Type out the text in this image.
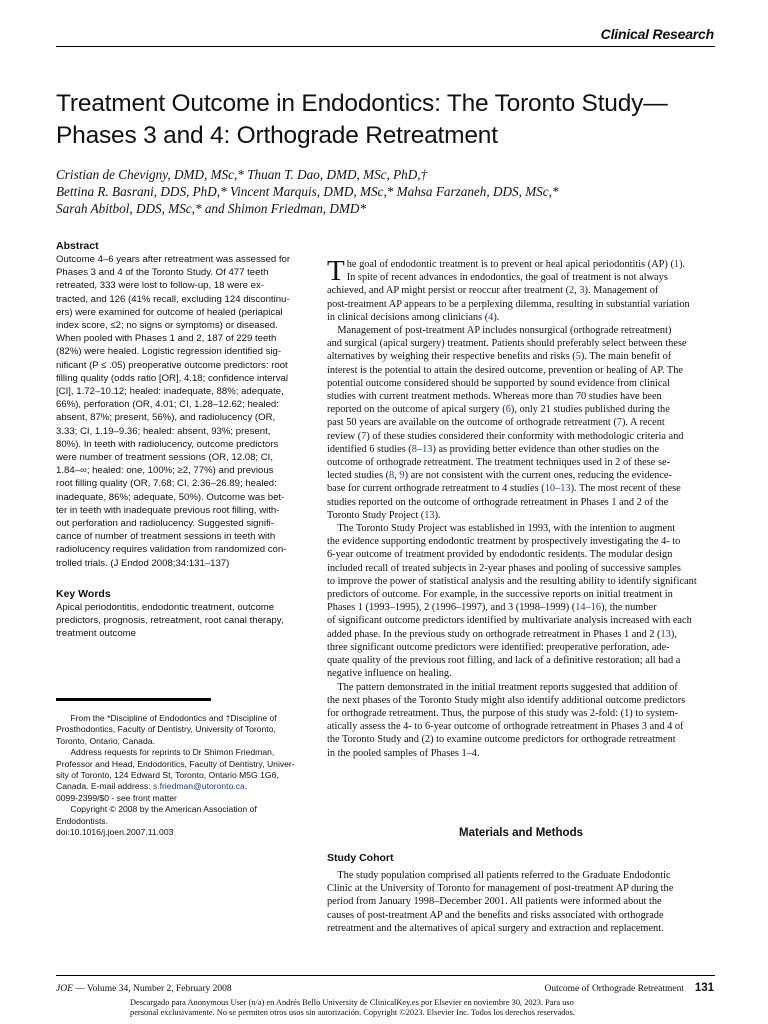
Clinical Research
Treatment Outcome in Endodontics: The Toronto Study—
Phases 3 and 4: Orthograde Retreatment
Cristian de Chevigny, DMD, MSc,* Thuan T. Dao, DMD, MSc, PhD,†
Bettina R. Basrani, DDS, PhD,* Vincent Marquis, DMD, MSc,* Mahsa Farzaneh, DDS, MSc,*
Sarah Abitbol, DDS, MSc,* and Shimon Friedman, DMD*
Abstract
Outcome 4–6 years after retreatment was assessed for
Phases 3 and 4 of the Toronto Study. Of 477 teeth
retreated, 333 were lost to follow-up, 18 were ex-
tracted, and 126 (41% recall, excluding 124 discontinu-
ers) were examined for outcome of healed (periapical
index score, ≤2; no signs or symptoms) or diseased.
When pooled with Phases 1 and 2, 187 of 229 teeth
(82%) were healed. Logistic regression identified sig-
nificant (P ≤ .05) preoperative outcome predictors: root
filling quality (odds ratio [OR], 4.18; confidence interval
[CI], 1.72–10.12; healed: inadequate, 88%; adequate,
66%), perforation (OR, 4.01; CI, 1.28–12.62; healed:
absent, 87%; present, 56%), and radiolucency (OR,
3.33; CI, 1.19–9.36; healed: absent, 93%; present,
80%). In teeth with radiolucency, outcome predictors
were number of treatment sessions (OR, 12.08; CI,
1.84–∞; healed: one, 100%; ≥2, 77%) and previous
root filling quality (OR, 7.68; CI, 2.36–26.89; healed:
inadequate, 86%; adequate, 50%). Outcome was bet-
ter in teeth with inadequate previous root filling, with-
out perforation and radiolucency. Suggested signifi-
cance of number of treatment sessions in teeth with
radiolucency requires validation from randomized con-
trolled trials. (J Endod 2008;34:131–137)
Key Words
Apical periodontitis, endodontic treatment, outcome
predictors, prognosis, retreatment, root canal therapy,
treatment outcome
From the *Discipline of Endodontics and †Discipline of
Prosthodontics, Faculty of Dentistry, University of Toronto,
Toronto, Ontario, Canada.
Address requests for reprints to Dr Shimon Friedman,
Professor and Head, Endodontics, Faculty of Dentistry, Univer-
sity of Toronto, 124 Edward St, Toronto, Ontario M5G 1G6,
Canada. E-mail address: s.friedman@utoronto.ca.
0099-2399/$0 - see front matter
Copyright © 2008 by the American Association of
Endodontists.
doi:10.1016/j.joen.2007.11.003
T he goal of endodontic treatment is to prevent or heal apical periodontitis (AP) (1).
In spite of recent advances in endodontics, the goal of treatment is not always
achieved, and AP might persist or reoccur after treatment (2, 3). Management of
post-treatment AP appears to be a perplexing dilemma, resulting in substantial variation
in clinical decisions among clinicians (4).
Management of post-treatment AP includes nonsurgical (orthograde retreatment)
and surgical (apical surgery) treatment. Patients should preferably select between these
alternatives by weighing their respective benefits and risks (5). The main benefit of
interest is the potential to attain the desired outcome, prevention or healing of AP. The
potential outcome considered should be supported by sound evidence from clinical
studies with current treatment methods. Whereas more than 70 studies have been
reported on the outcome of apical surgery (6), only 21 studies published during the
past 50 years are available on the outcome of orthograde retreatment (7). A recent
review (7) of these studies considered their conformity with methodologic criteria and
identified 6 studies (8–13) as providing better evidence than other studies on the
outcome of orthograde retreatment. The treatment techniques used in 2 of these se-
lected studies (8, 9) are not consistent with the current ones, reducing the evidence-
base for current orthograde retreatment to 4 studies (10–13). The most recent of these
studies reported on the outcome of orthograde retreatment in Phases 1 and 2 of the
Toronto Study Project (13).
The Toronto Study Project was established in 1993, with the intention to augment
the evidence supporting endodontic treatment by prospectively investigating the 4- to
6-year outcome of treatment provided by endodontic residents. The modular design
included recall of treated subjects in 2-year phases and pooling of successive samples
to improve the power of statistical analysis and the resulting ability to identify significant
predictors of outcome. For example, in the successive reports on initial treatment in
Phases 1 (1993–1995), 2 (1996–1997), and 3 (1998–1999) (14–16), the number
of significant outcome predictors identified by multivariate analysis increased with each
added phase. In the previous study on orthograde retreatment in Phases 1 and 2 (13),
three significant outcome predictors were identified: preoperative perforation, ade-
quate quality of the previous root filling, and lack of a definitive restoration; all had a
negative influence on healing.
The pattern demonstrated in the initial treatment reports suggested that addition of
the next phases of the Toronto Study might also identify additional outcome predictors
for orthograde retreatment. Thus, the purpose of this study was 2-fold: (1) to system-
atically assess the 4- to 6-year outcome of orthograde retreatment in Phases 3 and 4 of
the Toronto Study and (2) to examine outcome predictors for orthograde retreatment
in the pooled samples of Phases 1–4.
Materials and Methods
Study Cohort
The study population comprised all patients referred to the Graduate Endodontic
Clinic at the University of Toronto for management of post-treatment AP during the
period from January 1998–December 2001. All patients were informed about the
causes of post-treatment AP and the benefits and risks associated with orthograde
retreatment and the alternatives of apical surgery and extraction and replacement.
JOE — Volume 34, Number 2, February 2008	Outcome of Orthograde Retreatment 131
Descargado para Anonymous User (n/a) en Andrés Bello University de ClinicalKey.es por Elsevier en noviembre 30, 2023. Para uso
personal exclusivamente. No se permiten otros usos sin autorización. Copyright ©2023. Elsevier Inc. Todos los derechos reservados.
